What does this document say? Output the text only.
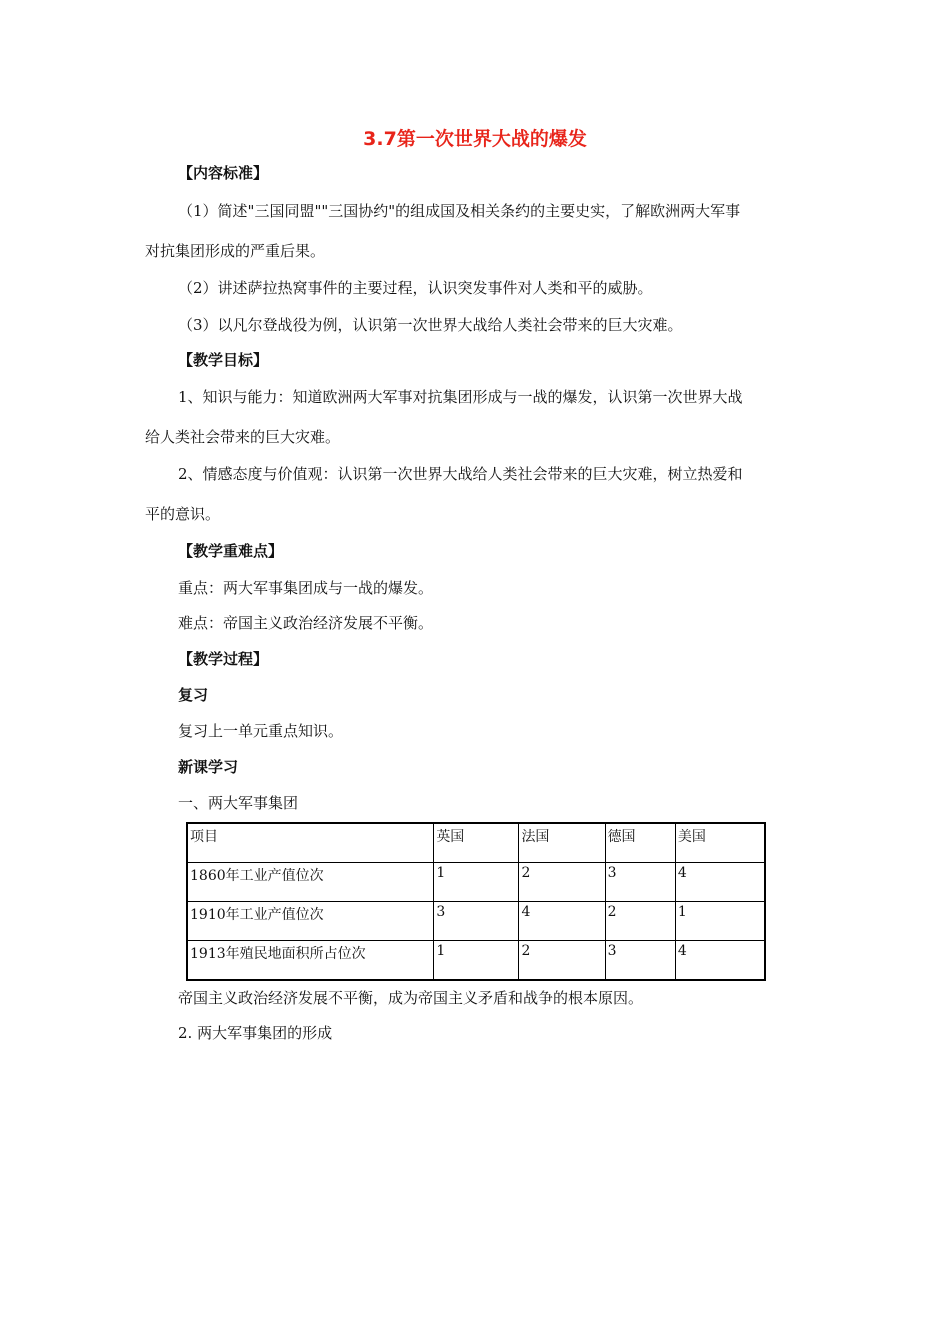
3.7第一次世界大战的爆发
【内容标准】
（1）简述"三国同盟""三国协约"的组成国及相关条约的主要史实，了解欧洲两大军事
对抗集团形成的严重后果。
（2）讲述萨拉热窝事件的主要过程，认识突发事件对人类和平的威胁。
（3）以凡尔登战役为例，认识第一次世界大战给人类社会带来的巨大灾难。
【教学目标】
1、知识与能力：知道欧洲两大军事对抗集团形成与一战的爆发，认识第一次世界大战
给人类社会带来的巨大灾难。
2、情感态度与价值观：认识第一次世界大战给人类社会带来的巨大灾难，树立热爱和
平的意识。
【教学重难点】
重点：两大军事集团成与一战的爆发。
难点：帝国主义政治经济发展不平衡。
【教学过程】
复习
复习上一单元重点知识。
新课学习
一、两大军事集团
项目	英国	法国	德国	美国
1860年工业产值位次	1	2	3	4
1910年工业产值位次	3	4	2	1
1913年殖民地面积所占位次	1	2	3	4
帝国主义政治经济发展不平衡，成为帝国主义矛盾和战争的根本原因。
2. 两大军事集团的形成
